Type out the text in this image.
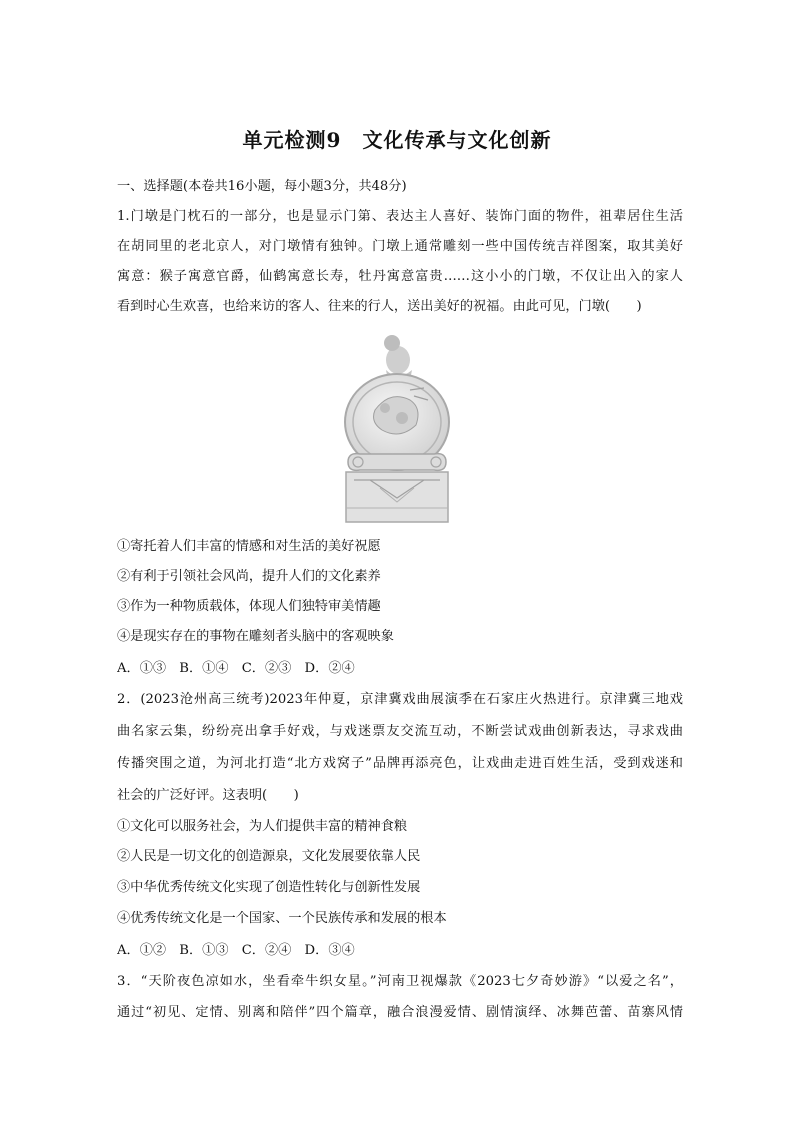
单元检测9　文化传承与文化创新
一、选择题(本卷共16小题，每小题3分，共48分)
1.门墩是门枕石的一部分，也是显示门第、表达主人喜好、装饰门面的物件，祖辈居住生活
在胡同里的老北京人，对门墩情有独钟。门墩上通常雕刻一些中国传统吉祥图案，取其美好
寓意：猴子寓意官爵，仙鹤寓意长寿，牡丹寓意富贵……这小小的门墩，不仅让出入的家人
看到时心生欢喜，也给来访的客人、往来的行人，送出美好的祝福。由此可见，门墩(　　)
①寄托着人们丰富的情感和对生活的美好祝愿
②有利于引领社会风尚，提升人们的文化素养
③作为一种物质载体，体现人们独特审美情趣
④是现实存在的事物在雕刻者头脑中的客观映象
A．①③　B．①④　C．②③　D．②④
2．(2023沧州高三统考)2023年仲夏，京津冀戏曲展演季在石家庄火热进行。京津冀三地戏
曲名家云集，纷纷亮出拿手好戏，与戏迷票友交流互动，不断尝试戏曲创新表达，寻求戏曲
传播突围之道，为河北打造“北方戏窝子”品牌再添亮色，让戏曲走进百姓生活，受到戏迷和
社会的广泛好评。这表明(　　)
①文化可以服务社会，为人们提供丰富的精神食粮
②人民是一切文化的创造源泉，文化发展要依靠人民
③中华优秀传统文化实现了创造性转化与创新性发展
④优秀传统文化是一个国家、一个民族传承和发展的根本
A．①②　B．①③　C．②④　D．③④
3．“天阶夜色凉如水，坐看牵牛织女星。”河南卫视爆款《2023七夕奇妙游》“以爱之名”，
通过“初见、定情、别离和陪伴”四个篇章，融合浪漫爱情、剧情演绎、冰舞芭蕾、苗寨风情
